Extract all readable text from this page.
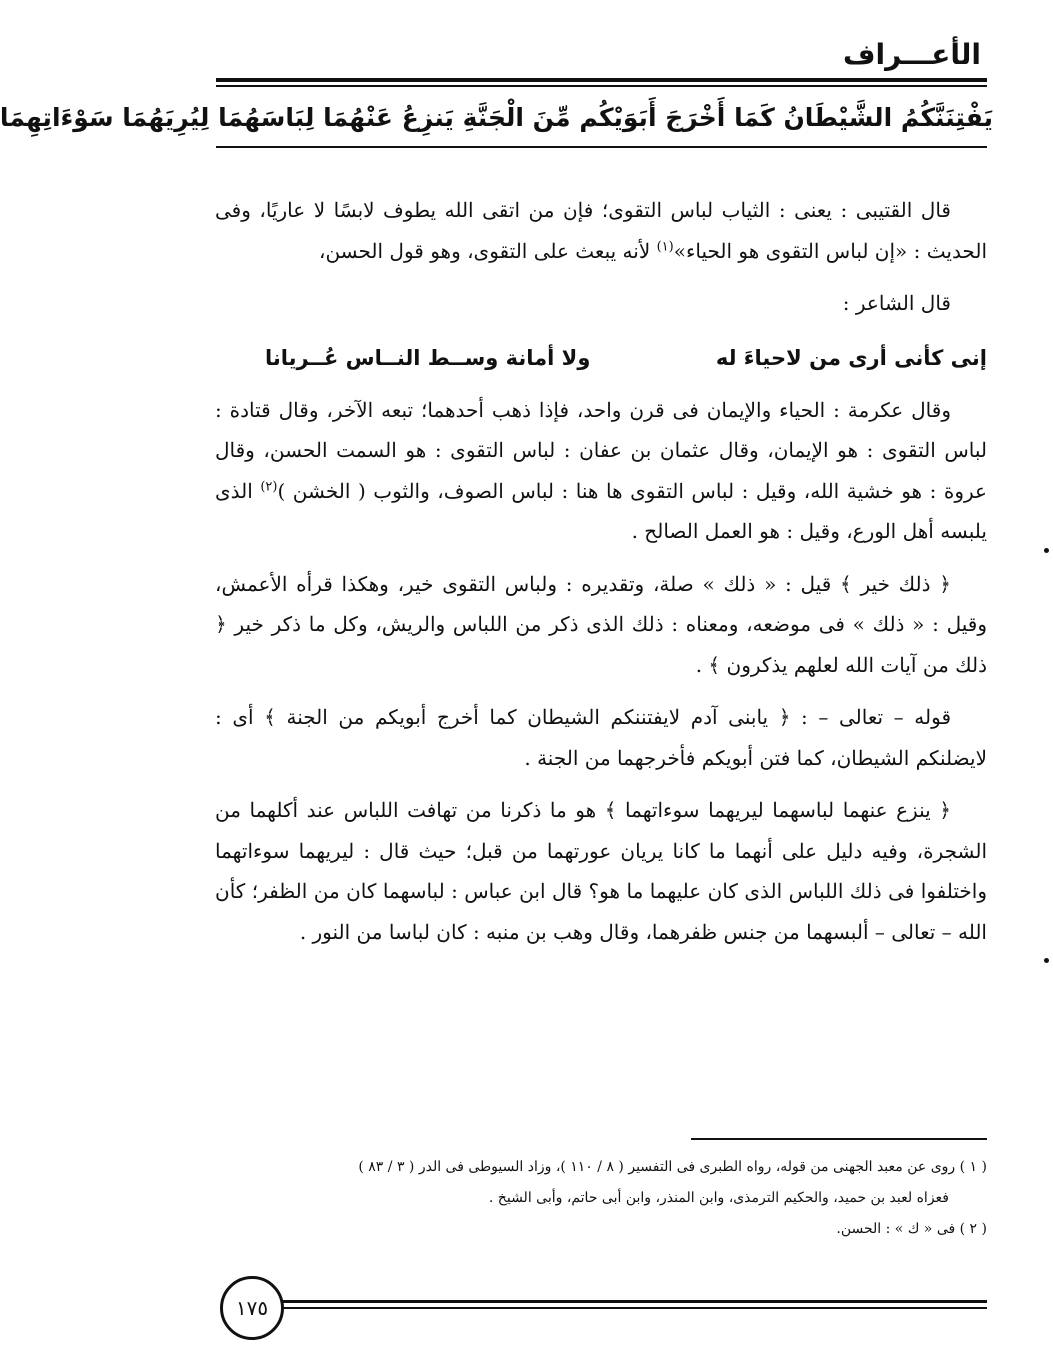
الأعـــراف
يَفْتِنَنَّكُمُ الشَّيْطَانُ كَمَا أَخْرَجَ أَبَوَيْكُم مِّنَ الْجَنَّةِ يَنزِعُ عَنْهُمَا لِبَاسَهُمَا لِيُرِيَهُمَا سَوْءَاتِهِمَا

قال القتيبى : يعنى : الثياب لباس التقوى؛ فإن من اتقى الله يطوف لابسًا لا عاريًا، وفى الحديث : «إن لباس التقوى هو الحياء»$^{(١)}$ لأنه يبعث على التقوى، وهو قول الحسن،

قال الشاعر :

إنى كأنى أرى من لاحياءَ له
ولا أمانة وســط النــاس عُــريانا

وقال عكرمة : الحياء والإيمان فى قرن واحد، فإذا ذهب أحدهما؛ تبعه الآخر، وقال قتادة : لباس التقوى : هو الإيمان، وقال عثمان بن عفان : لباس التقوى : هو السمت الحسن، وقال عروة : هو خشية الله، وقيل : لباس التقوى ها هنا : لباس الصوف، والثوب ( الخشن )$^{(٢)}$ الذى يلبسه أهل الورع، وقيل : هو العمل الصالح .

﴿ ذلك خير ﴾ قيل : « ذلك » صلة، وتقديره : ولباس التقوى خير، وهكذا قرأه الأعمش، وقيل : « ذلك » فى موضعه، ومعناه : ذلك الذى ذكر من اللباس والريش، وكل ما ذكر خير ﴿ ذلك من آيات الله لعلهم يذكرون ﴾ .

قوله – تعالى – : ﴿ يابنى آدم لايفتننكم الشيطان كما أخرج أبويكم من الجنة ﴾ أى : لايضلنكم الشيطان، كما فتن أبويكم فأخرجهما من الجنة .

﴿ ينزع عنهما لباسهما ليريهما سوءاتهما ﴾ هو ما ذكرنا من تهافت اللباس عند أكلهما من الشجرة، وفيه دليل على أنهما ما كانا يريان عورتهما من قبل؛ حيث قال : ليريهما سوءاتهما واختلفوا فى ذلك اللباس الذى كان عليهما ما هو؟ قال ابن عباس : لباسهما كان من الظفر؛ كأن الله – تعالى – ألبسهما من جنس ظفرهما، وقال وهب بن منبه : كان لباسا من النور .

( ١ ) روى عن معبد الجهنى من قوله، رواه الطبرى فى التفسير ( ٨ / ١١٠ )، وزاد السيوطى فى الدر ( ٣ / ٨٣ )

فعزاه لعبد بن حميد، والحكيم الترمذى، وابن المنذر، وابن أبى حاتم، وأبى الشيخ .

( ٢ ) فى « ك » : الحسن.

١٧٥
